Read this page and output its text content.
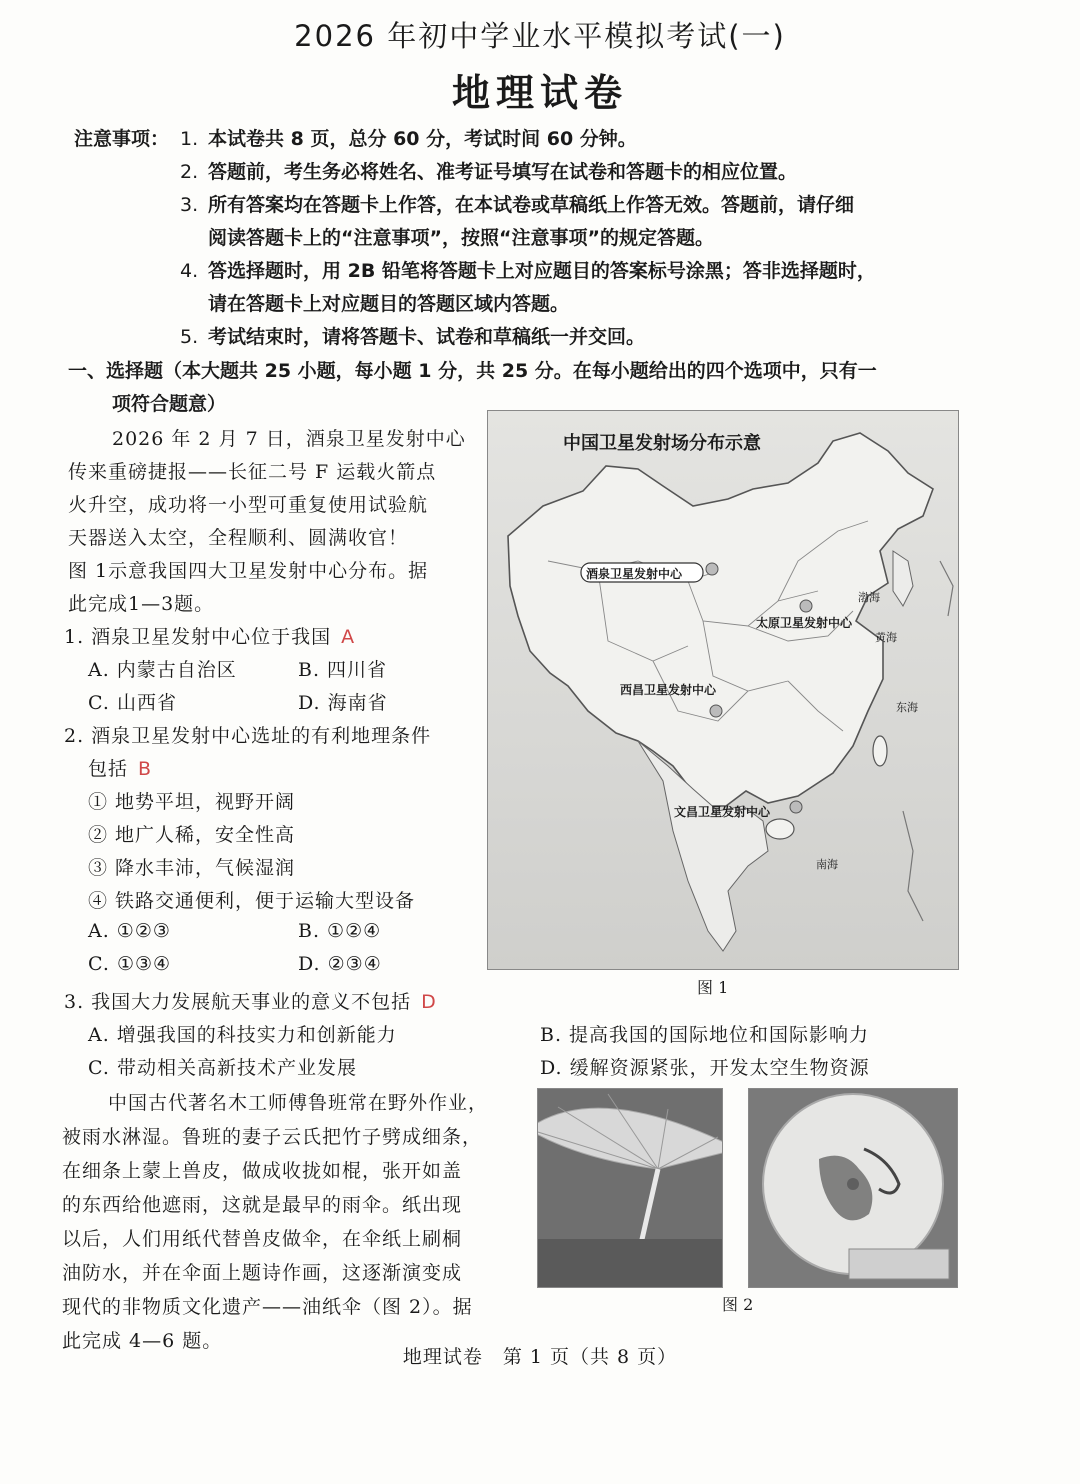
2026 年初中学业水平模拟考试(一)
地理试卷
注意事项： 1. 本试卷共 8 页，总分 60 分，考试时间 60 分钟。
2. 答题前，考生务必将姓名、准考证号填写在试卷和答题卡的相应位置。
3. 所有答案均在答题卡上作答，在本试卷或草稿纸上作答无效。答题前，请仔细
阅读答题卡上的“注意事项”，按照“注意事项”的规定答题。
4. 答选择题时，用 2B 铅笔将答题卡上对应题目的答案标号涂黑；答非选择题时，
请在答题卡上对应题目的答题区域内答题。
5. 考试结束时，请将答题卡、试卷和草稿纸一并交回。
一、选择题（本大题共 25 小题，每小题 1 分，共 25 分。在每小题给出的四个选项中，只有一
项符合题意）
2026 年 2 月 7 日，酒泉卫星发射中心
传来重磅捷报——长征二号 F 运载火箭点
火升空，成功将一小型可重复使用试验航
天器送入太空，全程顺利、圆满收官！
图 1示意我国四大卫星发射中心分布。据
此完成1—3题。
1. 酒泉卫星发射中心位于我国 A
A. 内蒙古自治区	B. 四川省
C. 山西省	D. 海南省
2. 酒泉卫星发射中心选址的有利地理条件
包括 B
① 地势平坦，视野开阔
② 地广人稀，安全性高
③ 降水丰沛，气候湿润
④ 铁路交通便利，便于运输大型设备
A. ①②③	B. ①②④
C. ①③④	D. ②③④
3. 我国大力发展航天事业的意义不包括 D
A. 增强我国的科技实力和创新能力	B. 提高我国的国际地位和国际影响力
C. 带动相关高新技术产业发展	D. 缓解资源紧张，开发太空生物资源
中国古代著名木工师傅鲁班常在野外作业，
被雨水淋湿。鲁班的妻子云氏把竹子劈成细条，
在细条上蒙上兽皮，做成收拢如棍，张开如盖
的东西给他遮雨，这就是最早的雨伞。纸出现
以后，人们用纸代替兽皮做伞，在伞纸上刷桐
油防水，并在伞面上题诗作画，这逐渐演变成
现代的非物质文化遗产——油纸伞（图 2）。据
此完成 4—6 题。
中国卫星发射场分布示意
酒泉卫星发射中心
太原卫星发射中心
西昌卫星发射中心
文昌卫星发射中心
渤海
黄海
东海
南海
图 1
图 2
地理试卷　第 1 页（共 8 页）
